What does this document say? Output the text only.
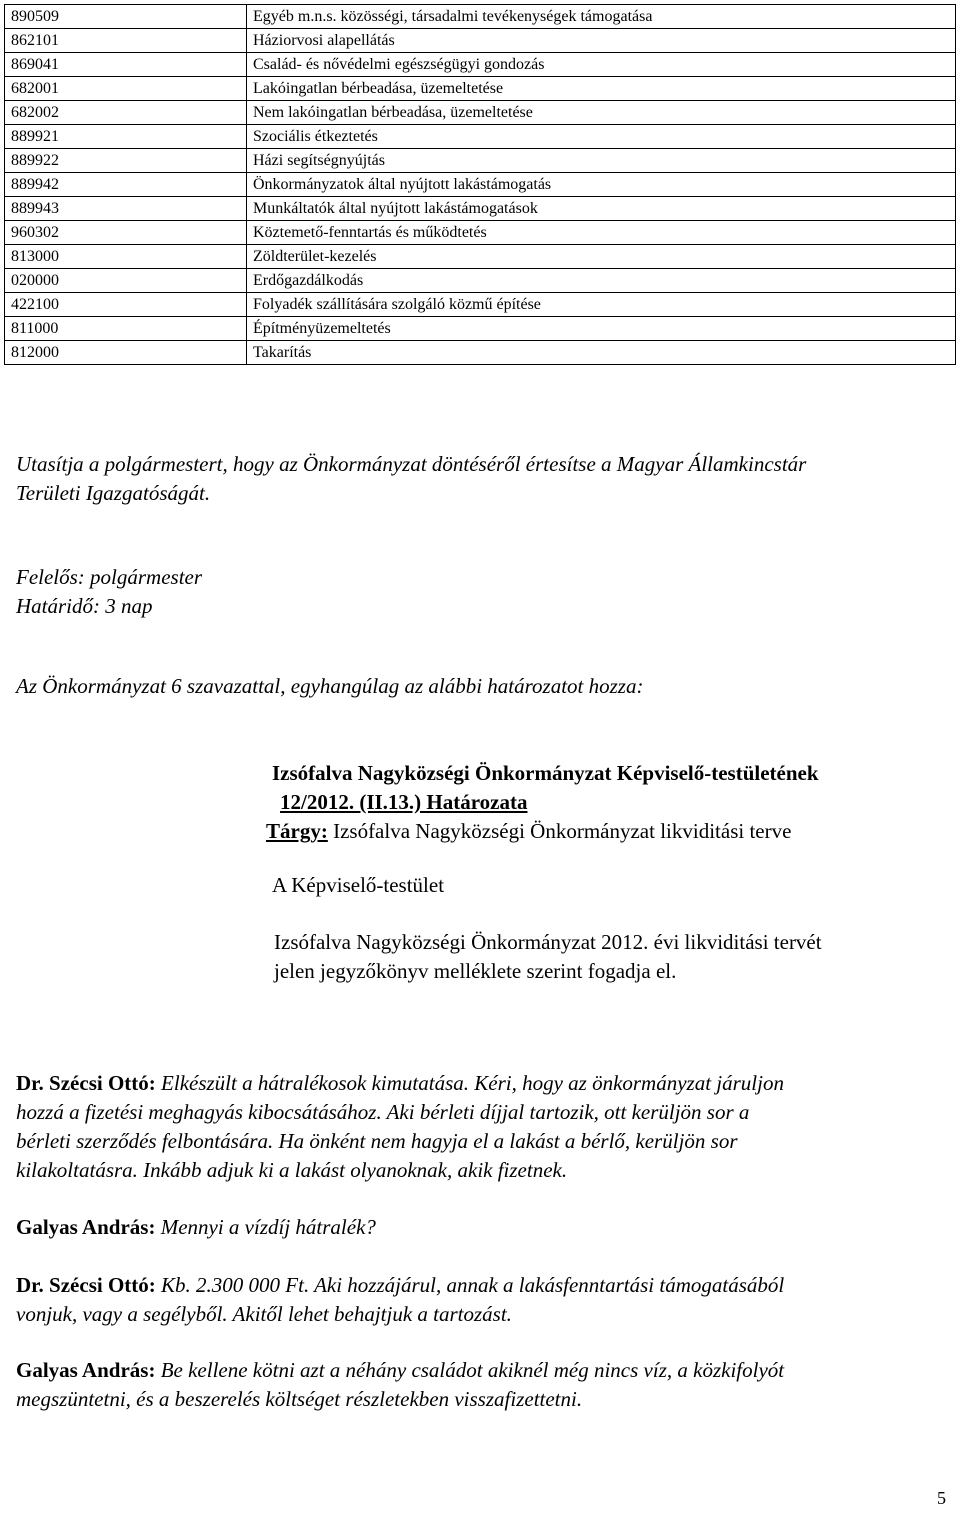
890509	Egyéb m.n.s. közösségi, társadalmi tevékenységek támogatása
862101	Háziorvosi alapellátás
869041	Család- és nővédelmi egészségügyi gondozás
682001	Lakóingatlan bérbeadása, üzemeltetése
682002	Nem lakóingatlan bérbeadása, üzemeltetése
889921	Szociális étkeztetés
889922	Házi segítségnyújtás
889942	Önkormányzatok által nyújtott lakástámogatás
889943	Munkáltatók által nyújtott lakástámogatások
960302	Köztemető-fenntartás és működtetés
813000	Zöldterület-kezelés
020000	Erdőgazdálkodás
422100	Folyadék szállítására szolgáló közmű építése
811000	Építményüzemeltetés
812000	Takarítás
Utasítja a polgármestert, hogy az Önkormányzat döntéséről értesítse a Magyar Államkincstár
Területi Igazgatóságát.
Felelős: polgármester
Határidő: 3 nap
Az Önkormányzat 6 szavazattal, egyhangúlag az alábbi határozatot hozza:
Izsófalva Nagyközségi Önkormányzat Képviselő-testületének
12/2012. (II.13.) Határozata
Tárgy: Izsófalva Nagyközségi Önkormányzat likviditási terve
A Képviselő-testület
Izsófalva Nagyközségi Önkormányzat 2012. évi likviditási tervét
jelen jegyzőkönyv melléklete szerint fogadja el.
Dr. Szécsi Ottó: Elkészült a hátralékosok kimutatása. Kéri, hogy az önkormányzat járuljon
hozzá a fizetési meghagyás kibocsátásához. Aki bérleti díjjal tartozik, ott kerüljön sor a
bérleti szerződés felbontására. Ha önként nem hagyja el a lakást a bérlő, kerüljön sor
kilakoltatásra. Inkább adjuk ki a lakást olyanoknak, akik fizetnek.
Galyas András: Mennyi a vízdíj hátralék?
Dr. Szécsi Ottó: Kb. 2.300 000 Ft. Aki hozzájárul, annak a lakásfenntartási támogatásából
vonjuk, vagy a segélyből. Akitől lehet behajtjuk a tartozást.
Galyas András: Be kellene kötni azt a néhány családot akiknél még nincs víz, a közkifolyót
megszüntetni, és a beszerelés költséget részletekben visszafizettetni.
5
